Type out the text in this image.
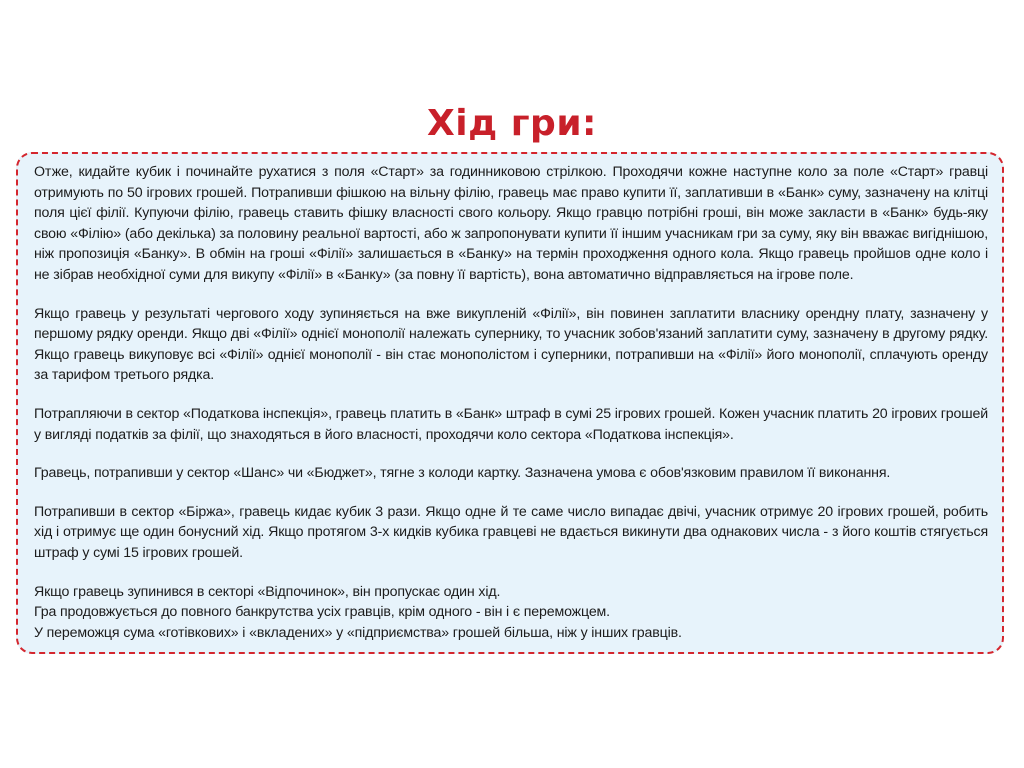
Хід гри:

Отже, кидайте кубик і починайте рухатися з поля «Старт» за годинниковою стрілкою. Проходячи кожне наступне коло за поле «Старт» гравці отримують по 50 ігрових грошей. Потрапивши фішкою на вільну філію, гравець має право купити її, заплативши в «Банк» суму, зазначену на клітці поля цієї філії. Купуючи філію, гравець ставить фішку власності свого кольору. Якщо гравцю потрібні гроші, він може закласти в «Банк» будь-яку свою «Філію» (або декілька) за половину реальної вартості, або ж запропонувати купити її іншим учасникам гри за суму, яку він вважає вигіднішою, ніж пропозиція «Банку». В обмін на гроші «Філії» залишається в «Банку» на термін проходження одного кола. Якщо гравець пройшов одне коло і не зібрав необхідної суми для викупу «Філії» в «Банку» (за повну її вартість), вона автоматично відправляється на ігрове поле.

Якщо гравець у результаті чергового ходу зупиняється на вже викупленій «Філії», він повинен заплатити власнику орендну плату, зазначену у першому рядку оренди. Якщо дві «Філії» однієї монополії належать супернику, то учасник зобов'язаний заплатити суму, зазначену в другому рядку. Якщо гравець викуповує всі «Філії» однієї монополії - він стає монополістом і суперники, потрапивши на «Філії» його монополії, сплачують оренду за тарифом третього рядка.

Потрапляючи в сектор «Податкова інспекція», гравець платить в «Банк» штраф в сумі 25 ігрових грошей. Кожен учасник платить 20 ігрових грошей у вигляді податків за філії, що знаходяться в його власності, проходячи коло сектора «Податкова інспекція».

Гравець, потрапивши у сектор «Шанс» чи «Бюджет», тягне з колоди картку. Зазначена умова є обов'язковим правилом її виконання.

Потрапивши в сектор «Біржа», гравець кидає кубик 3 рази. Якщо одне й те саме число випадає двічі, учасник отримує 20 ігрових грошей, робить хід і отримує ще один бонусний хід. Якщо протягом 3-х кидків кубика гравцеві не вдається викинути два однакових числа - з його коштів стягується штраф у сумі 15 ігрових грошей.

Якщо гравець зупинився в секторі «Відпочинок», він пропускає один хід.
Гра продовжується до повного банкрутства усіх гравців, крім одного - він і є переможцем.
У переможця сума «готівкових» і «вкладених» у «підприємства» грошей більша, ніж у інших гравців.
